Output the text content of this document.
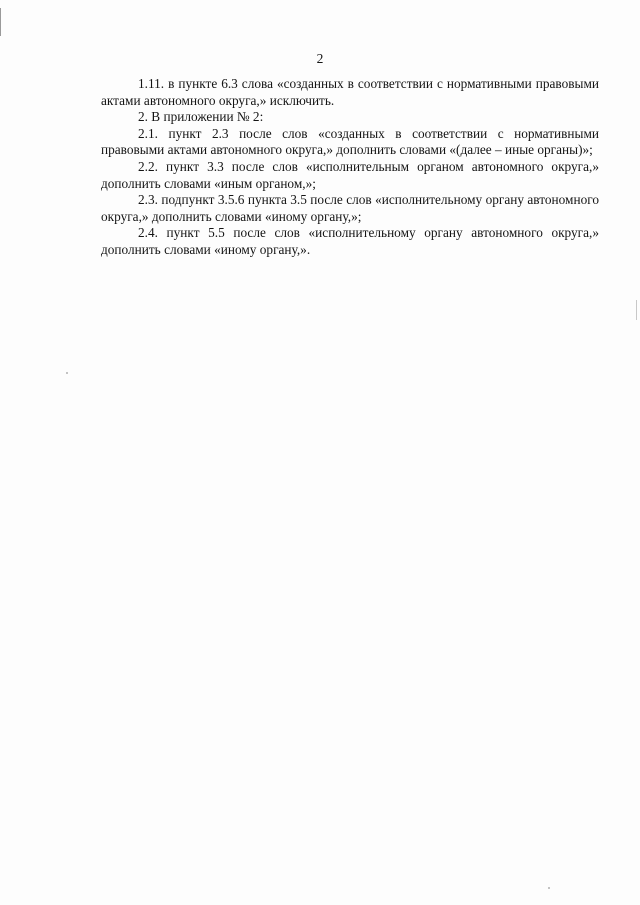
2

1.11. в пункте 6.3 слова «созданных в соответствии с нормативными правовыми актами автономного округа,» исключить.

2. В приложении № 2:

2.1. пункт 2.3 после слов «созданных в соответствии с нормативными правовыми актами автономного округа,» дополнить словами «(далее – иные органы)»;

2.2. пункт 3.3 после слов «исполнительным органом автономного округа,» дополнить словами «иным органом,»;

2.3. подпункт 3.5.6 пункта 3.5 после слов «исполнительному органу автономного округа,» дополнить словами «иному органу,»;

2.4. пункт 5.5 после слов «исполнительному органу автономного округа,» дополнить словами «иному органу,».
